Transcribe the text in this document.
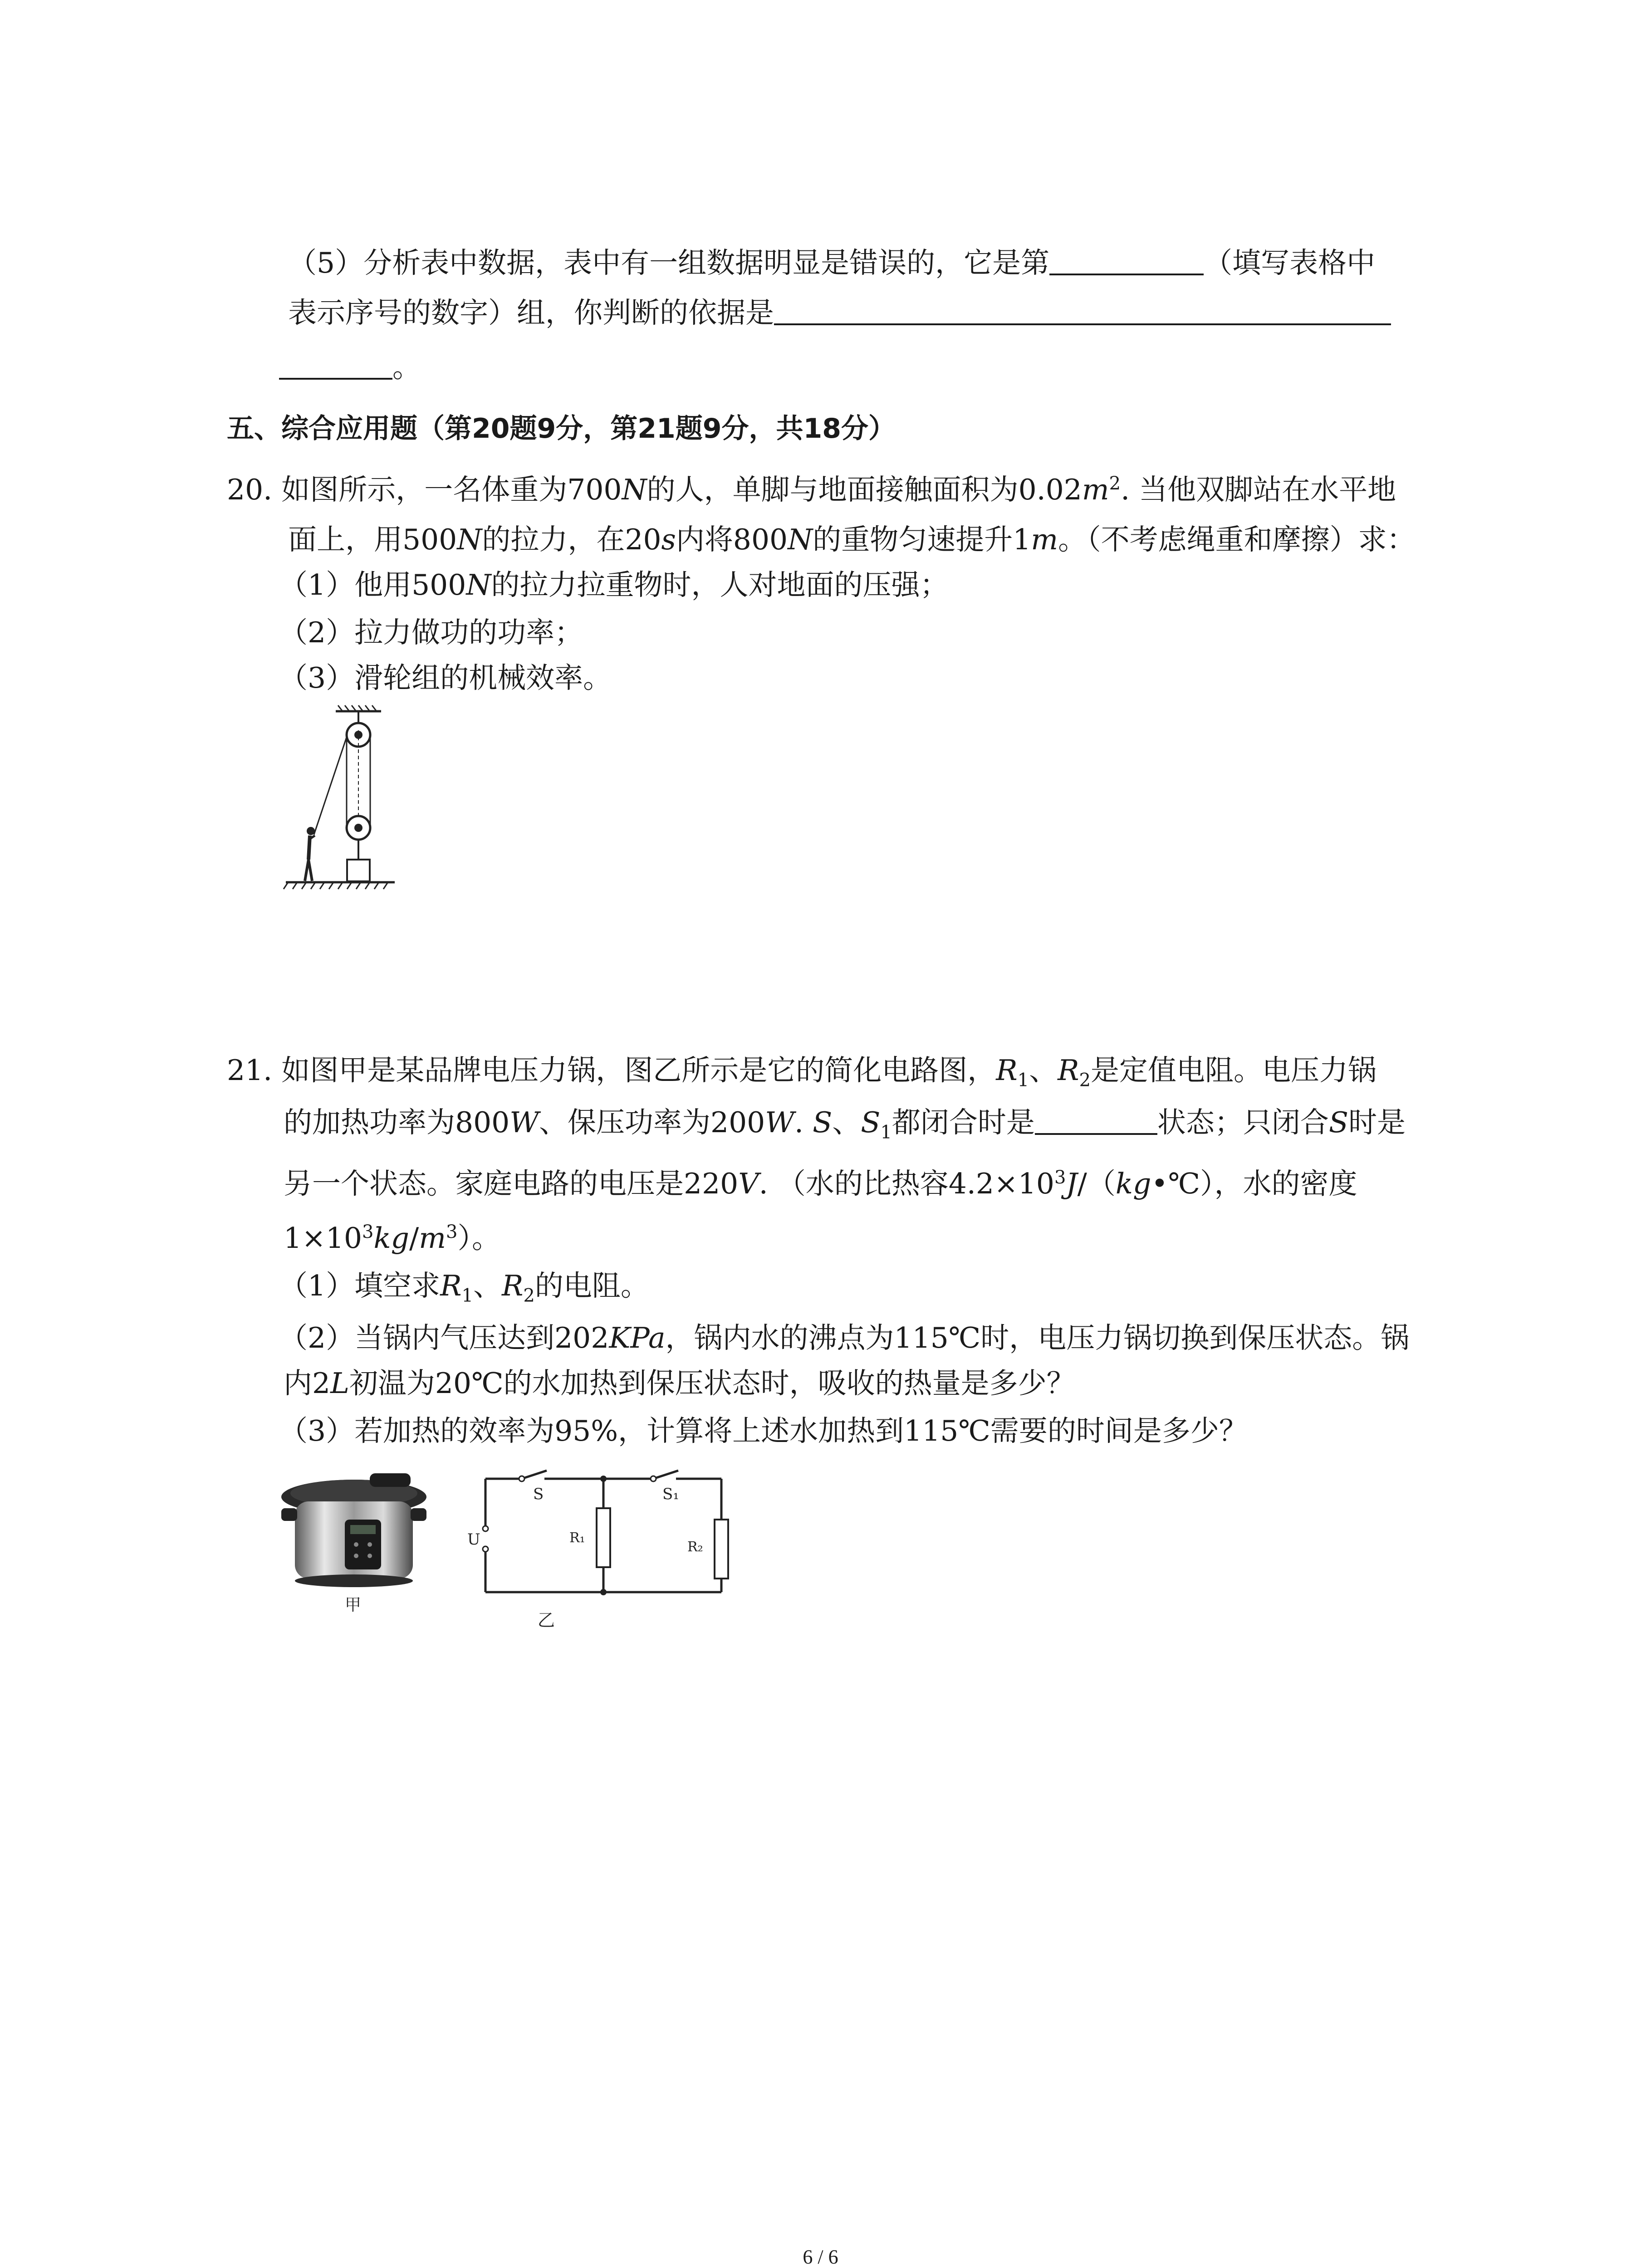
（5）分析表中数据，表中有一组数据明显是错误的，它是第	（填写表格中
表示序号的数字）组，你判断的依据是
。
五、综合应用题（第20题9分，第21题9分，共18分）
20. 如图所示，一名体重为700N的人，单脚与地面接触面积为$0.02m^2$. 当他双脚站在水平地
面上，用500N的拉力，在20s内将800N的重物匀速提升1m。（不考虑绳重和摩擦）求：
（1）他用500N的拉力拉重物时，人对地面的压强；
（2）拉力做功的功率；
（3）滑轮组的机械效率。
21. 如图甲是某品牌电压力锅，图乙所示是它的简化电路图，$R_1$、$R_2$是定值电阻。电压力锅
的加热功率为800W、保压功率为200W. S、$S_1$都闭合时是	状态；只闭合S时是
另一个状态。家庭电路的电压是220V. （水的比热容$4.2\times 10^3J/(kg•℃)$，水的密度
$1\times 10^3kg/m^3$）。
（1）填空求$R_1$、$R_2$的电阻。
（2）当锅内气压达到202KPa，锅内水的沸点为115℃时，电压力锅切换到保压状态。锅
内2L初温为20℃的水加热到保压状态时，吸收的热量是多少？
（3）若加热的效率为95%，计算将上述水加热到115℃需要的时间是多少？
甲
S	S₁
U	R₁
R₂
乙
6 / 6
